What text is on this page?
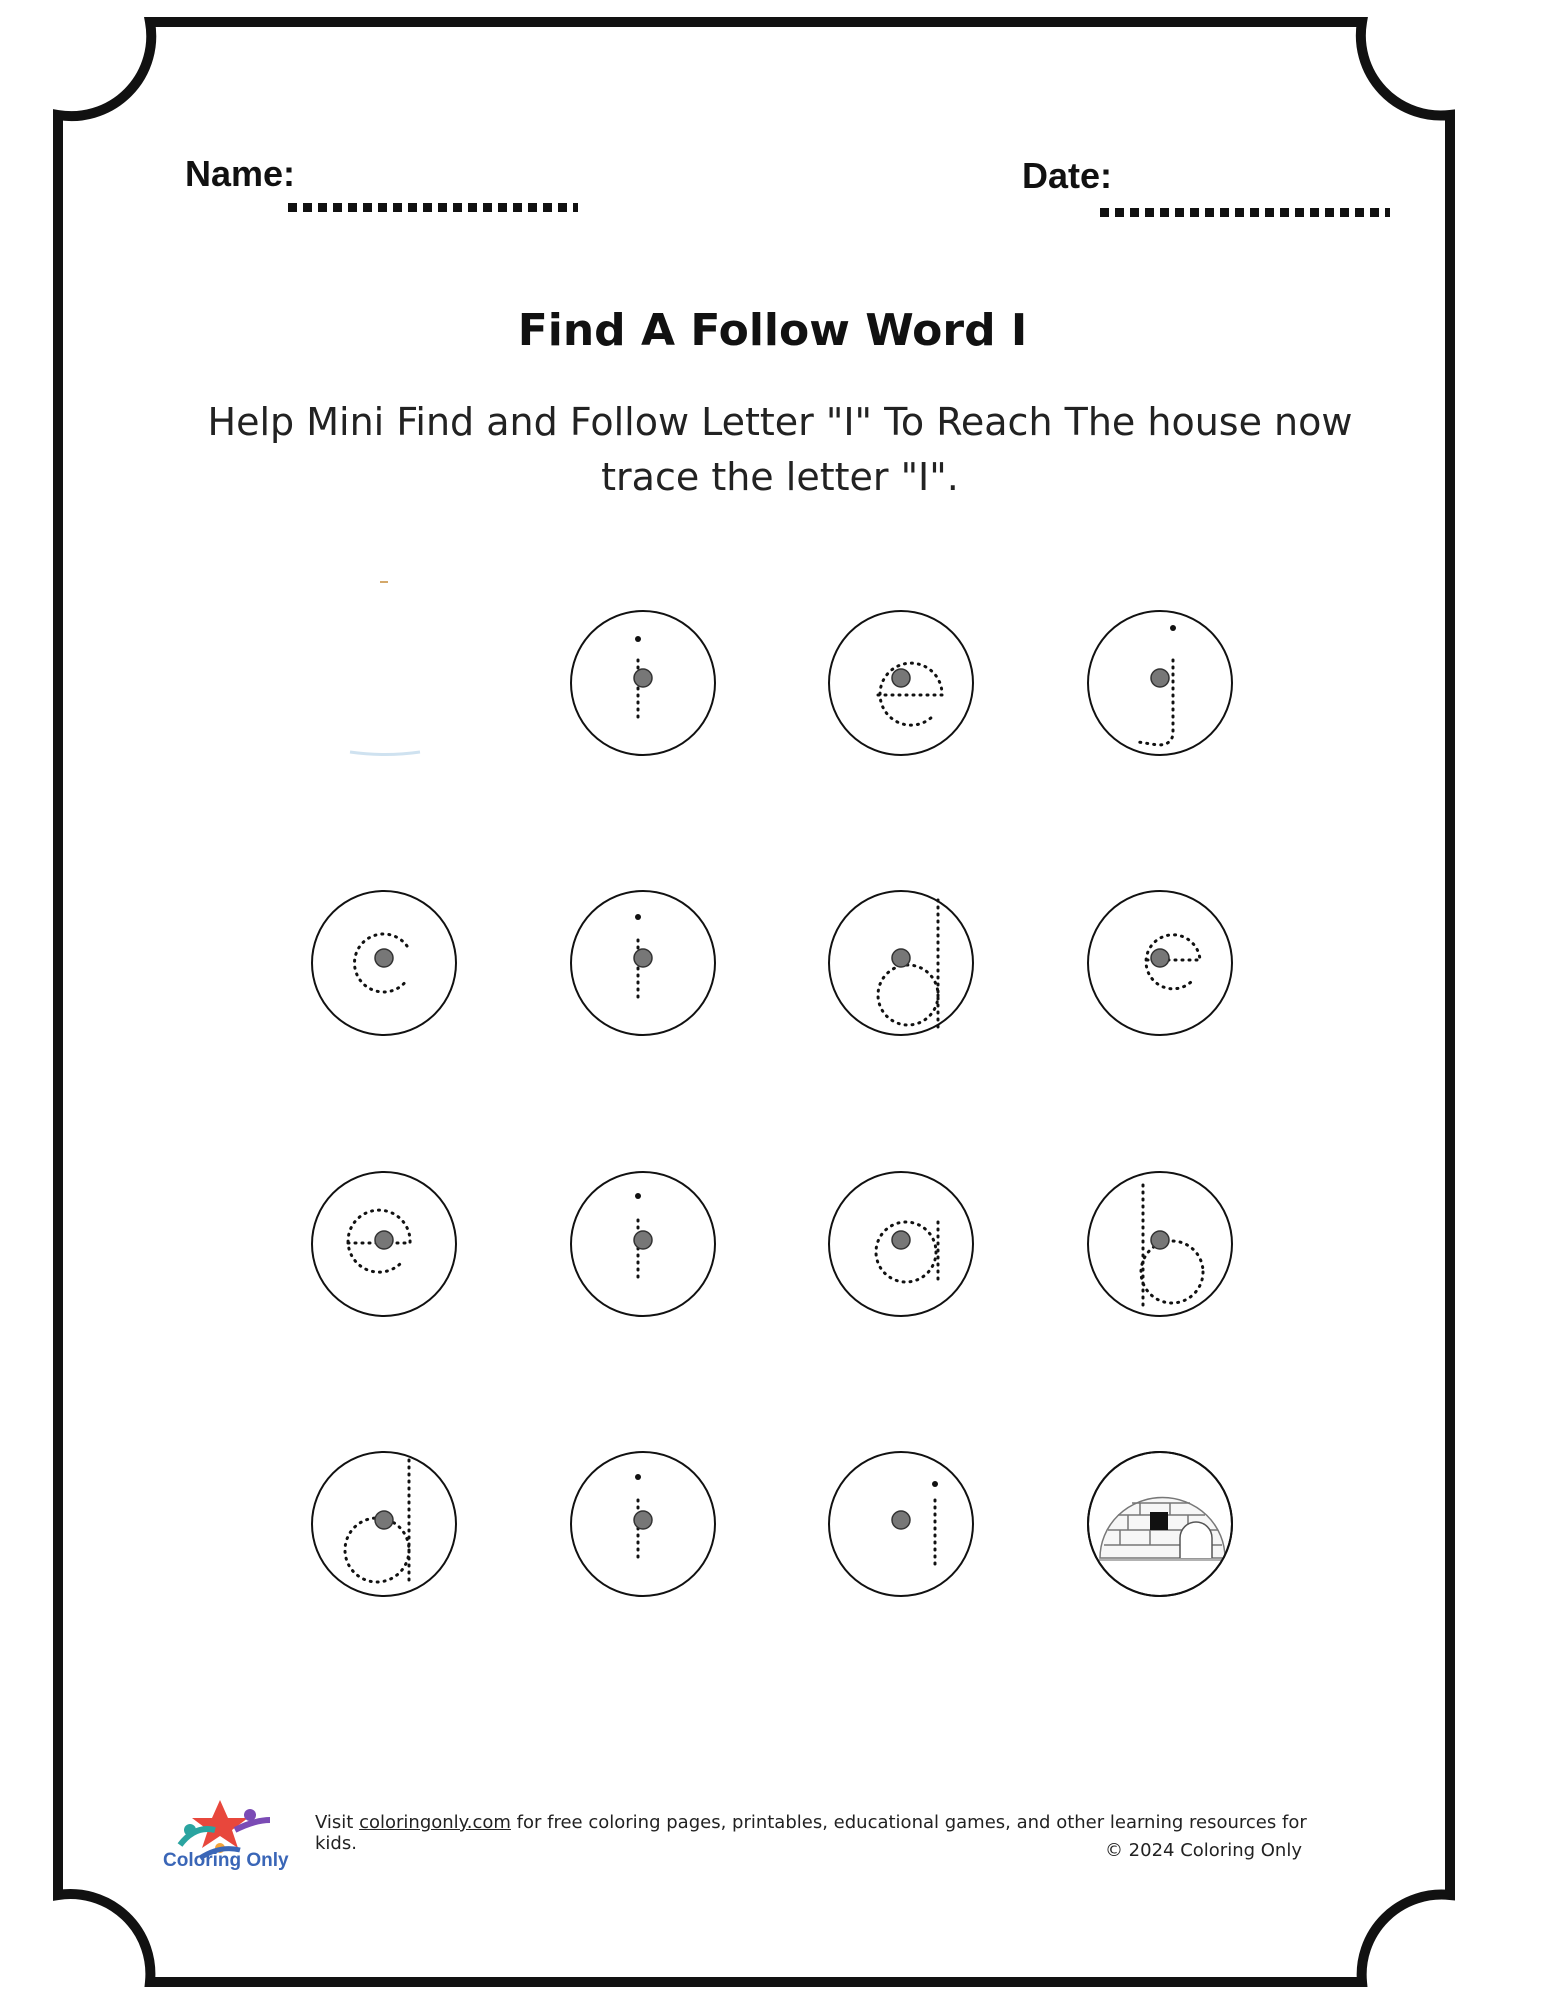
Name:	Date:
Find A Follow Word I
Help Mini Find and Follow Letter "I" To Reach The house now trace the letter "I".
Coloring Only
Visit coloringonly.com for free coloring pages, printables, educational games, and other learning resources for kids.	© 2024 Coloring Only
